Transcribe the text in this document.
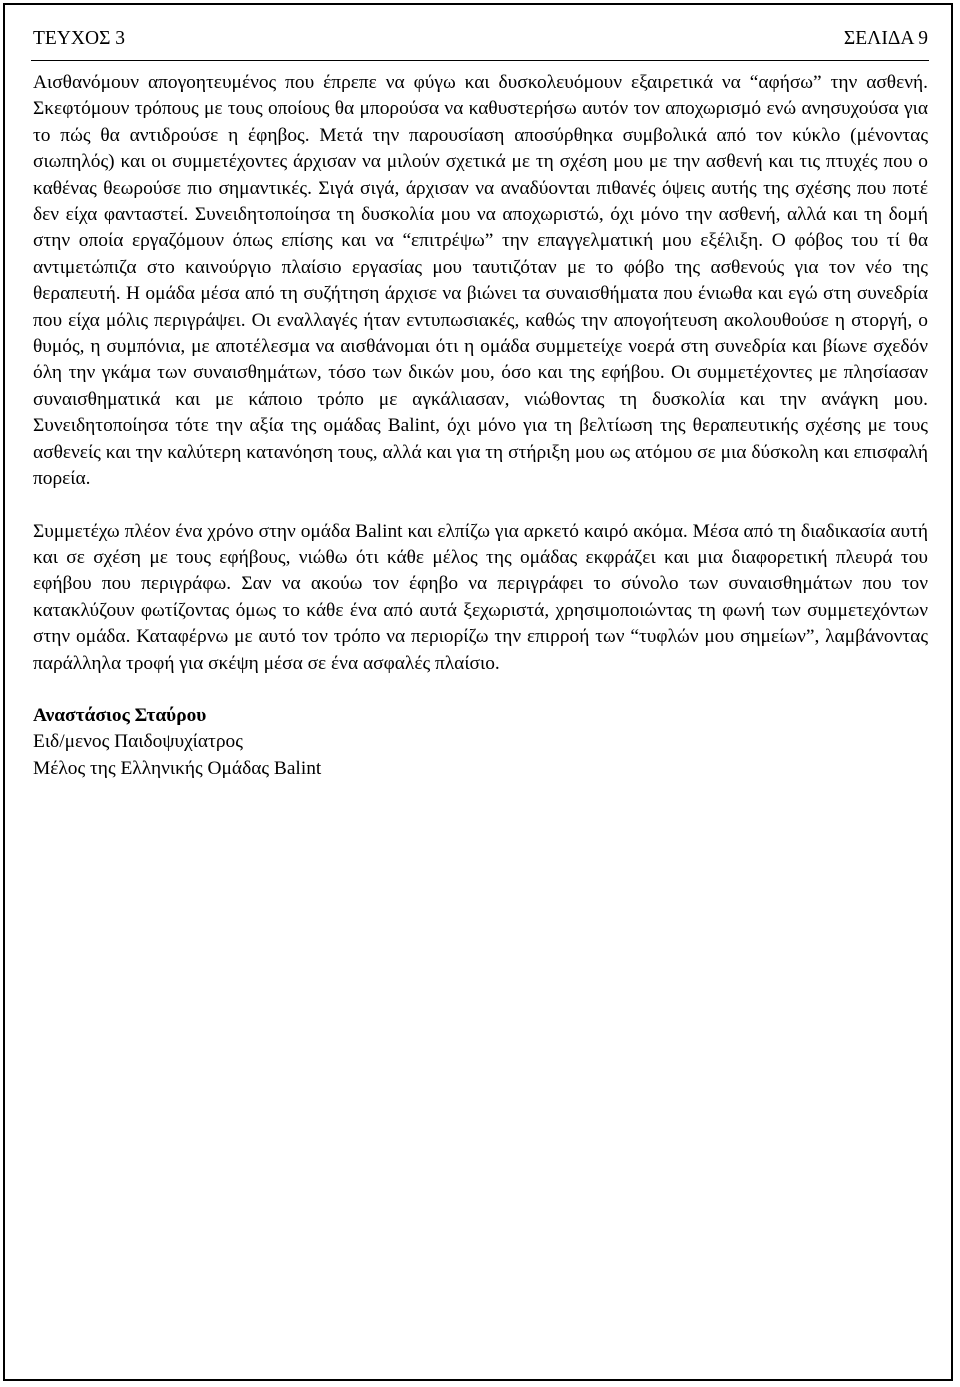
ΤΕΥΧΟΣ 3	ΣΕΛΙΔΑ 9

Αισθανόμουν απογοητευμένος που έπρεπε να φύγω και δυσκολευόμουν εξαιρετικά να “αφήσω” την ασθενή. Σκεφτόμουν τρόπους με τους οποίους θα μπορούσα να καθυστερήσω αυτόν τον αποχωρισμό ενώ ανησυχούσα για το πώς θα αντιδρούσε η έφηβος. Μετά την παρουσίαση αποσύρθηκα συμβολικά από τον κύκλο (μένοντας σιωπηλός) και οι συμμετέχοντες άρχισαν να μιλούν σχετικά με τη σχέση μου με την ασθενή και τις πτυχές που ο καθένας θεωρούσε πιο σημαντικές. Σιγά σιγά, άρχισαν να αναδύονται πιθανές όψεις αυτής της σχέσης που ποτέ δεν είχα φανταστεί. Συνειδητοποίησα τη δυσκολία μου να αποχωριστώ, όχι μόνο την ασθενή, αλλά και τη δομή στην οποία εργαζόμουν όπως επίσης και να “επιτρέψω” την επαγγελματική μου εξέλιξη. Ο φόβος του τί θα αντιμετώπιζα στο καινούργιο πλαίσιο εργασίας μου ταυτιζόταν με το φόβο της ασθενούς για τον νέο της θεραπευτή. Η ομάδα μέσα από τη συζήτηση άρχισε να βιώνει τα συναισθήματα που ένιωθα και εγώ στη συνεδρία που είχα μόλις περιγράψει. Οι εναλλαγές ήταν εντυπωσιακές, καθώς την απογοήτευση ακολουθούσε η στοργή, ο θυμός, η συμπόνια, με αποτέλεσμα να αισθάνομαι ότι η ομάδα συμμετείχε νοερά στη συνεδρία και βίωνε σχεδόν όλη την γκάμα των συναισθημάτων, τόσο των δικών μου, όσο και της εφήβου. Οι συμμετέχοντες με πλησίασαν συναισθηματικά και με κάποιο τρόπο με αγκάλιασαν, νιώθοντας τη δυσκολία και την ανάγκη μου. Συνειδητοποίησα τότε την αξία της ομάδας Balint, όχι μόνο για τη βελτίωση της θεραπευτικής σχέσης με τους ασθενείς και την καλύτερη κατανόηση τους, αλλά και για τη στήριξη μου ως ατόμου σε μια δύσκολη και επισφαλή πορεία.

Συμμετέχω πλέον ένα χρόνο στην ομάδα Balint και ελπίζω για αρκετό καιρό ακόμα. Μέσα από τη διαδικασία αυτή και σε σχέση με τους εφήβους, νιώθω ότι κάθε μέλος της ομάδας εκφράζει και μια διαφορετική πλευρά του εφήβου που περιγράφω. Σαν να ακούω τον έφηβο να περιγράφει το σύνολο των συναισθημάτων που τον κατακλύζουν φωτίζοντας όμως το κάθε ένα από αυτά ξεχωριστά, χρησιμοποιώντας τη φωνή των συμμετεχόντων στην ομάδα. Καταφέρνω με αυτό τον τρόπο να περιορίζω την επιρροή των “τυφλών μου σημείων”, λαμβάνοντας παράλληλα τροφή για σκέψη μέσα σε ένα ασφαλές πλαίσιο.

Αναστάσιος Σταύρου
Ειδ/μενος Παιδοψυχίατρος
Μέλος της Ελληνικής Ομάδας Balint
